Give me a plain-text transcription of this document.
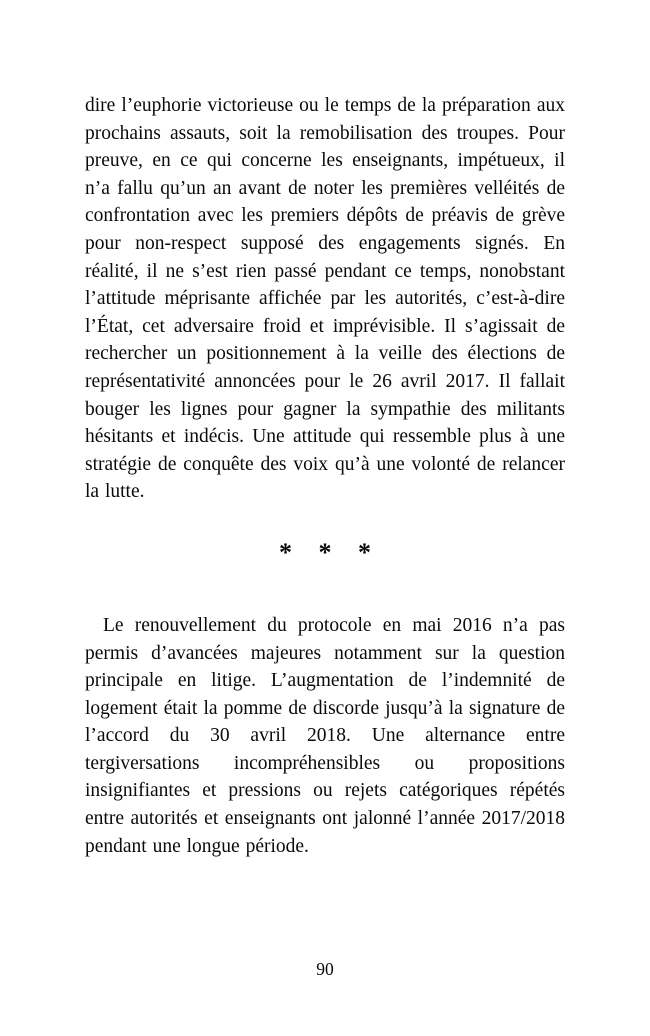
dire l’euphorie victorieuse ou le temps de la préparation aux prochains assauts, soit la remobilisation des troupes. Pour preuve, en ce qui concerne les enseignants, impétueux, il n’a fallu qu’un an avant de noter les premières velléités de confrontation avec les premiers dépôts de préavis de grève pour non-respect supposé des engagements signés. En réalité, il ne s’est rien passé pendant ce temps, nonobstant l’attitude méprisante affichée par les autorités, c’est-à-dire l’État, cet adversaire froid et imprévisible. Il s’agissait de rechercher un positionnement à la veille des élections de représentativité annoncées pour le 26 avril 2017. Il fallait bouger les lignes pour gagner la sympathie des militants hésitants et indécis. Une attitude qui ressemble plus à une stratégie de conquête des voix qu’à une volonté de relancer la lutte.

* * *

Le renouvellement du protocole en mai 2016 n’a pas permis d’avancées majeures notamment sur la question principale en litige. L’augmentation de l’indemnité de logement était la pomme de discorde jusqu’à la signature de l’accord du 30 avril 2018. Une alternance entre tergiversations incompréhensibles ou propositions insignifiantes et pressions ou rejets catégoriques répétés entre autorités et enseignants ont jalonné l’année 2017/2018 pendant une longue période.

90
